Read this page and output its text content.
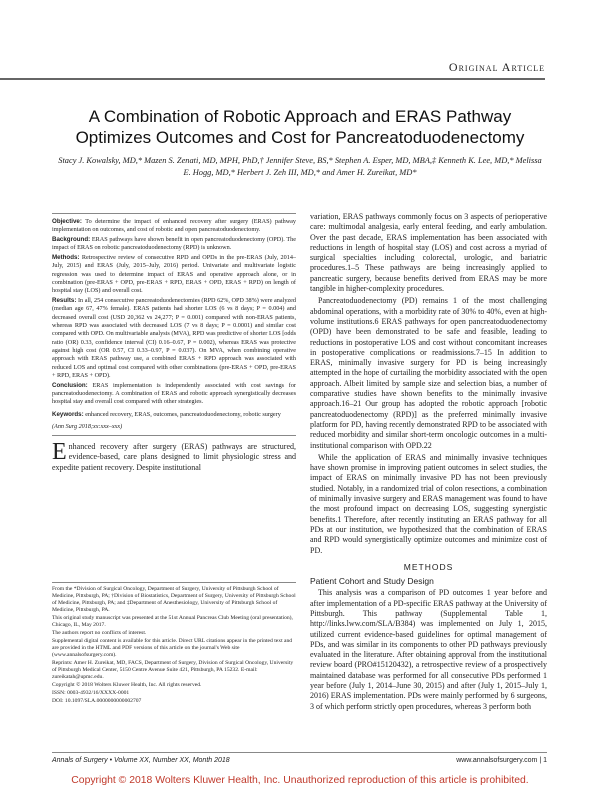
Original Article
A Combination of Robotic Approach and ERAS Pathway Optimizes Outcomes and Cost for Pancreatoduodenectomy
Stacy J. Kowalsky, MD,* Mazen S. Zenati, MD, MPH, PhD,† Jennifer Steve, BS,* Stephen A. Esper, MD, MBA,‡ Kenneth K. Lee, MD,* Melissa E. Hogg, MD,* Herbert J. Zeh III, MD,* and Amer H. Zureikat, MD*

Objective: To determine the impact of enhanced recovery after surgery (ERAS) pathway implementation on outcomes, and cost of robotic and open pancreatoduodenectomy.

Background: ERAS pathways have shown benefit in open pancreatoduodenectomy (OPD). The impact of ERAS on robotic pancreatoduodenectomy (RPD) is unknown.

Methods: Retrospective review of consecutive RPD and OPDs in the pre-ERAS (July, 2014–July, 2015) and ERAS (July, 2015–July, 2016) period. Univariate and multivariate logistic regression was used to determine impact of ERAS and operative approach alone, or in combination (pre-ERAS + OPD, pre-ERAS + RPD, ERAS + OPD, ERAS + RPD) on length of hospital stay (LOS) and overall cost.

Results: In all, 254 consecutive pancreatoduodenectomies (RPD 62%, OPD 38%) were analyzed (median age 67, 47% female). ERAS patients had shorter LOS (6 vs 8 days; P = 0.004) and decreased overall cost (USD 20,362 vs 24,277; P = 0.001) compared with non-ERAS patients, whereas RPD was associated with decreased LOS (7 vs 8 days; P = 0.0001) and similar cost compared with OPD. On multivariable analysis (MVA), RPD was predictive of shorter LOS [odds ratio (OR) 0.33, confidence interval (CI) 0.16–0.67, P = 0.002), whereas ERAS was protective against high cost (OR 0.57, CI 0.33–0.97, P = 0.037). On MVA, when combining operative approach with ERAS pathway use, a combined ERAS + RPD approach was associated with reduced LOS and optimal cost compared with other combinations (pre-ERAS + OPD, pre-ERAS + RPD, ERAS + OPD).

Conclusion: ERAS implementation is independently associated with cost savings for pancreatoduodenectomy. A combination of ERAS and robotic approach synergistically decreases hospital stay and overall cost compared with other strategies.

Keywords: enhanced recovery, ERAS, outcomes, pancreatoduodenectomy, robotic surgery

(Ann Surg 2018;xx:xxx–xxx)

Enhanced recovery after surgery (ERAS) pathways are structured, evidence-based, care plans designed to limit physiologic stress and expedite patient recovery. Despite institutional

From the *Division of Surgical Oncology, Department of Surgery, University of Pittsburgh School of Medicine, Pittsburgh, PA; †Division of Biostatistics, Department of Surgery, University of Pittsburgh School of Medicine, Pittsburgh, PA; and ‡Department of Anesthesiology, University of Pittsburgh School of Medicine, Pittsburgh, PA.

This original study manuscript was presented at the 51st Annual Pancreas Club Meeting (oral presentation), Chicago, IL, May 2017.

The authors report no conflicts of interest.

Supplemental digital content is available for this article. Direct URL citations appear in the printed text and are provided in the HTML and PDF versions of this article on the journal's Web site (www.annalsofsurgery.com).

Reprints: Amer H. Zureikat, MD, FACS, Department of Surgery, Division of Surgical Oncology, University of Pittsburgh Medical Center, 5150 Centre Avenue Suite 421, Pittsburgh, PA 15232. E-mail: zureikatah@upmc.edu.

Copyright © 2018 Wolters Kluwer Health, Inc. All rights reserved.

ISSN: 0003-4932/16/XXXX-0001

DOI: 10.1097/SLA.0000000000002707

variation, ERAS pathways commonly focus on 3 aspects of perioperative care: multimodal analgesia, early enteral feeding, and early ambulation. Over the past decade, ERAS implementation has been associated with reductions in length of hospital stay (LOS) and cost across a myriad of surgical specialties including colorectal, urologic, and bariatric procedures.1–5 These pathways are being increasingly applied to pancreatic surgery, because benefits derived from ERAS may be more tangible in higher-complexity procedures.

Pancreatoduodenectomy (PD) remains 1 of the most challenging abdominal operations, with a morbidity rate of 30% to 40%, even at high-volume institutions.6 ERAS pathways for open pancreatoduodenectomy (OPD) have been demonstrated to be safe and feasible, leading to reductions in postoperative LOS and cost without concomitant increases in postoperative complications or readmissions.7–15 In addition to ERAS, minimally invasive surgery for PD is being increasingly attempted in the hope of curtailing the morbidity associated with the open approach. Albeit limited by sample size and selection bias, a number of comparative studies have shown benefits to the minimally invasive approach.16–21 Our group has adopted the robotic approach [robotic pancreatoduodenectomy (RPD)] as the preferred minimally invasive platform for PD, having recently demonstrated RPD to be associated with reduced morbidity and similar short-term oncologic outcomes in a multi-institutional comparison with OPD.22

While the application of ERAS and minimally invasive techniques have shown promise in improving patient outcomes in select studies, the impact of ERAS on minimally invasive PD has not been previously studied. Notably, in a randomized trial of colon resections, a combination of minimally invasive surgery and ERAS management was found to have the most profound impact on decreasing LOS, suggesting synergistic benefits.1 Therefore, after recently instituting an ERAS pathway for all PDs at our institution, we hypothesized that the combination of ERAS and RPD would synergistically optimize outcomes and minimize cost of PD.

METHODS
Patient Cohort and Study Design

This analysis was a comparison of PD outcomes 1 year before and after implementation of a PD-specific ERAS pathway at the University of Pittsburgh. This pathway (Supplemental Table 1, http://links.lww.com/SLA/B384) was implemented on July 1, 2015, utilized current evidence-based guidelines for optimal management of PDs, and was similar in its components to other PD pathways previously evaluated in the literature. After obtaining approval from the institutional review board (PRO#15120432), a retrospective review of a prospectively maintained database was performed for all consecutive PDs performed 1 year before (July 1, 2014–June 30, 2015) and after (July 1, 2015–July 1, 2016) ERAS implementation. PDs were mainly performed by 6 surgeons, 3 of which perform strictly open procedures, whereas 3 perform both

Annals of Surgery • Volume XX, Number XX, Month 2018	www.annalsofsurgery.com | 1
Copyright © 2018 Wolters Kluwer Health, Inc. Unauthorized reproduction of this article is prohibited.
